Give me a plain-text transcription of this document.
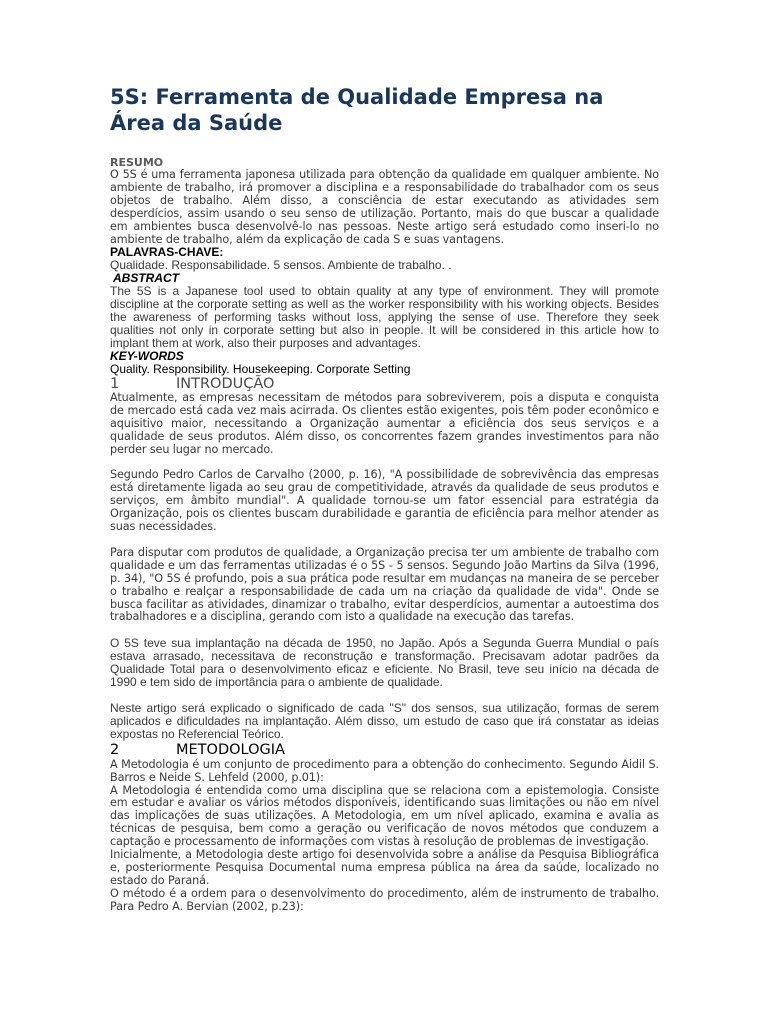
5S: Ferramenta de Qualidade Empresa na Área da Saúde

RESUMO

O 5S é uma ferramenta japonesa utilizada para obtenção da qualidade em qualquer ambiente. No ambiente de trabalho, irá promover a disciplina e a responsabilidade do trabalhador com os seus objetos de trabalho. Além disso, a consciência de estar executando as atividades sem desperdícios, assim usando o seu senso de utilização. Portanto, mais do que buscar a qualidade em ambientes busca desenvolvê-lo nas pessoas. Neste artigo será estudado como inseri-lo no ambiente de trabalho, além da explicação de cada S e suas vantagens.

PALAVRAS-CHAVE:

Qualidade. Responsabilidade. 5 sensos. Ambiente de trabalho. .

ABSTRACT

The 5S is a Japanese tool used to obtain quality at any type of environment. They will promote discipline at the corporate setting as well as the worker responsibility with his working objects. Besides the awareness of performing tasks without loss, applying the sense of use. Therefore they seek qualities not only in corporate setting but also in people. It will be considered in this article how to implant them at work, also their purposes and advantages.

KEY-WORDS

Quality. Responsibility. Housekeeping. Corporate Setting

1	INTRODUÇÃO

Atualmente, as empresas necessitam de métodos para sobreviverem, pois a disputa e conquista de mercado está cada vez mais acirrada. Os clientes estão exigentes, pois têm poder econômico e aquisitivo maior, necessitando a Organização aumentar a eficiência dos seus serviços e a qualidade de seus produtos. Além disso, os concorrentes fazem grandes investimentos para não perder seu lugar no mercado.

Segundo Pedro Carlos de Carvalho (2000, p. 16), "A possibilidade de sobrevivência das empresas está diretamente ligada ao seu grau de competitividade, através da qualidade de seus produtos e serviços, em âmbito mundial". A qualidade tornou-se um fator essencial para estratégia da Organização, pois os clientes buscam durabilidade e garantia de eficiência para melhor atender as suas necessidades.

Para disputar com produtos de qualidade, a Organização precisa ter um ambiente de trabalho com qualidade e um das ferramentas utilizadas é o 5S - 5 sensos. Segundo João Martins da Silva (1996, p. 34), "O 5S é profundo, pois a sua prática pode resultar em mudanças na maneira de se perceber o trabalho e realçar a responsabilidade de cada um na criação da qualidade de vida". Onde se busca facilitar as atividades, dinamizar o trabalho, evitar desperdícios, aumentar a autoestima dos trabalhadores e a disciplina, gerando com isto a qualidade na execução das tarefas.

O 5S teve sua implantação na década de 1950, no Japão. Após a Segunda Guerra Mundial o país estava arrasado, necessitava de reconstrução e transformação. Precisavam adotar padrões da Qualidade Total para o desenvolvimento eficaz e eficiente. No Brasil, teve seu início na década de 1990 e tem sido de importância para o ambiente de qualidade.

Neste artigo será explicado o significado de cada "S" dos sensos, sua utilização, formas de serem aplicados e dificuldades na implantação. Além disso, um estudo de caso que irá constatar as ideias expostas no Referencial Teórico.

2	METODOLOGIA

A Metodologia é um conjunto de procedimento para a obtenção do conhecimento. Segundo Aidil S. Barros e Neide S. Lehfeld (2000, p.01):

A Metodologia é entendida como uma disciplina que se relaciona com a epistemologia. Consiste em estudar e avaliar os vários métodos disponíveis, identificando suas limitações ou não em nível das implicações de suas utilizações. A Metodologia, em um nível aplicado, examina e avalia as técnicas de pesquisa, bem como a geração ou verificação de novos métodos que conduzem a captação e processamento de informações com vistas à resolução de problemas de investigação.

Inicialmente, a Metodologia deste artigo foi desenvolvida sobre a análise da Pesquisa Bibliográfica e, posteriormente Pesquisa Documental numa empresa pública na área da saúde, localizado no estado do Paraná.

O método é a ordem para o desenvolvimento do procedimento, além de instrumento de trabalho. Para Pedro A. Bervian (2002, p.23):
